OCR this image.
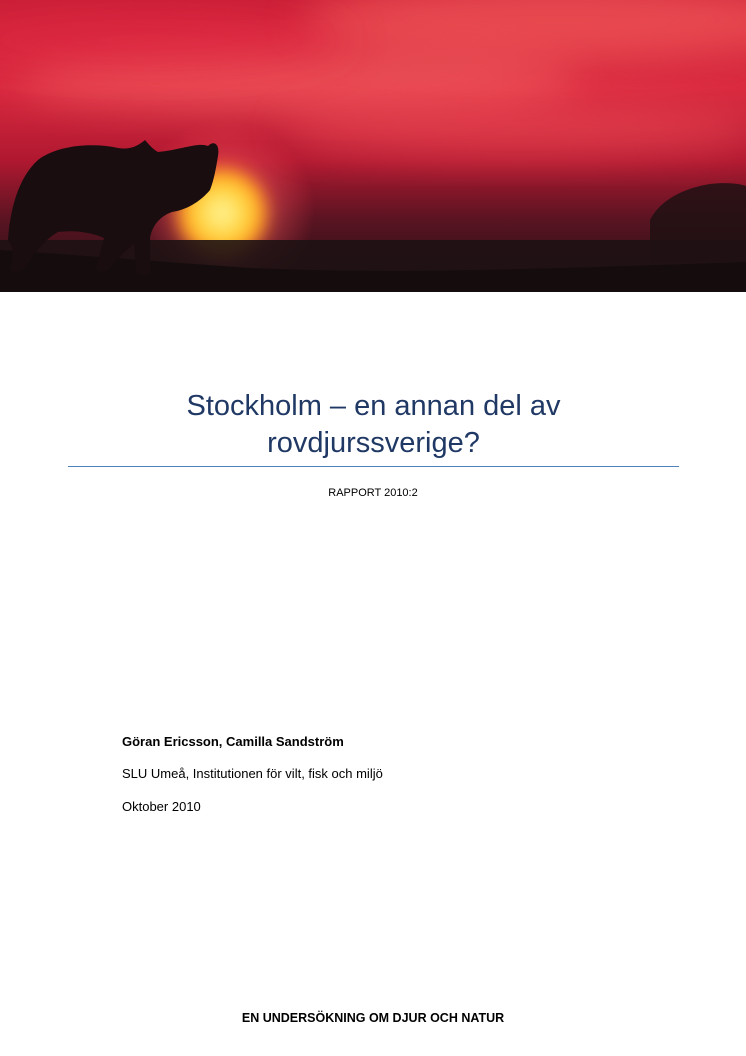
Stockholm – en annan del av
rovdjurssverige?
RAPPORT 2010:2
Göran Ericsson, Camilla Sandström
SLU Umeå, Institutionen för vilt, fisk och miljö
Oktober 2010
EN UNDERSÖKNING OM DJUR OCH NATUR
